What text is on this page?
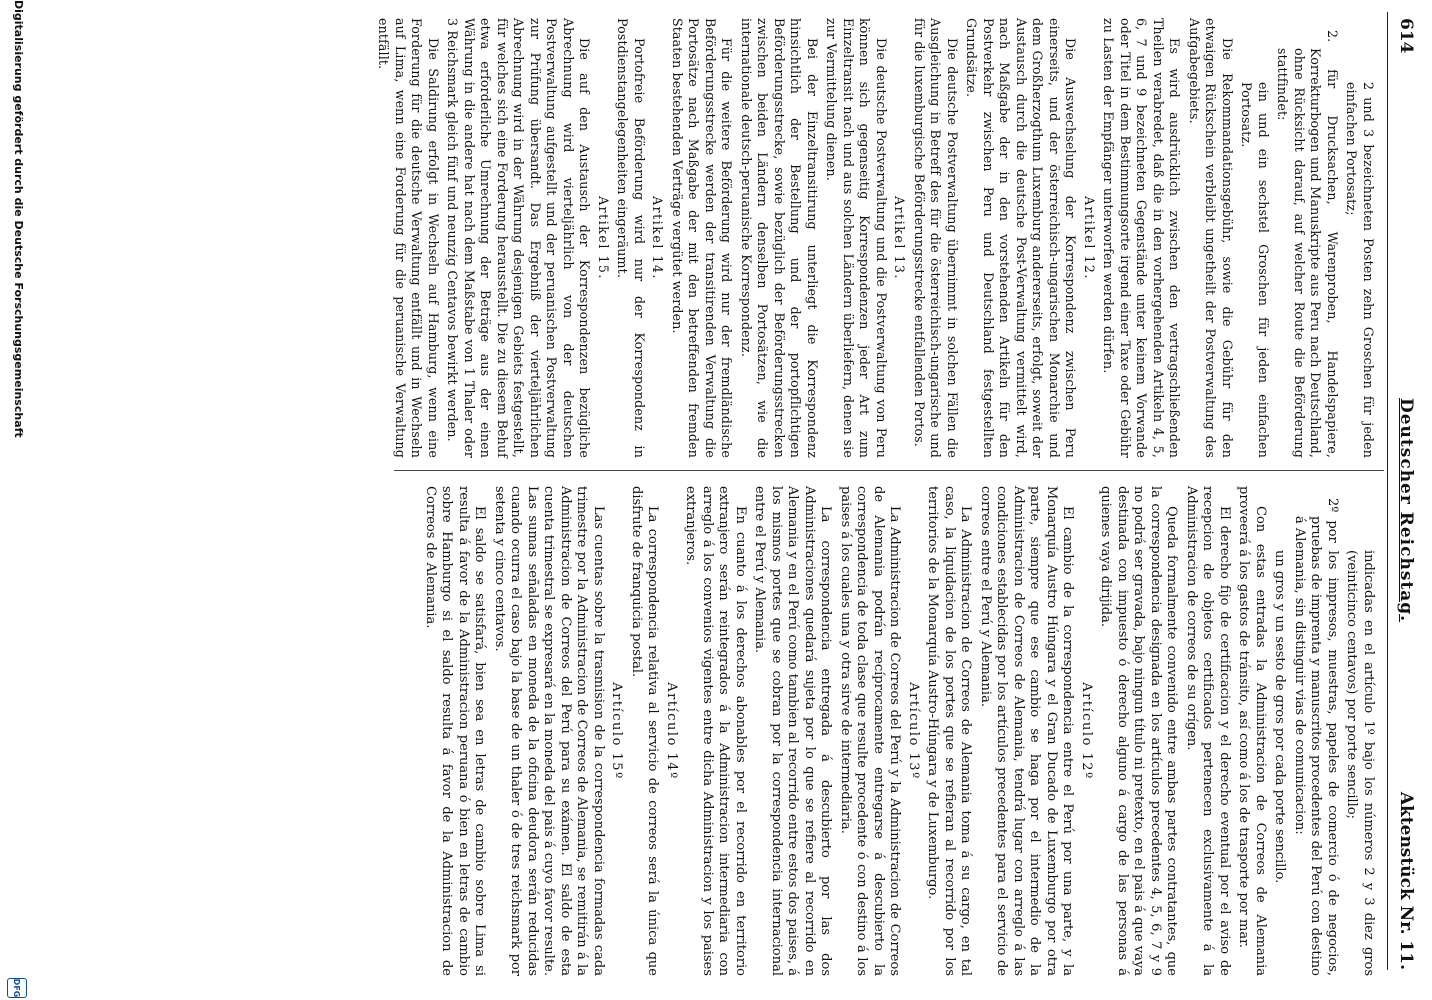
614
Deutscher Reichstag.
Aktenstück Nr. 11.

2 und 3 bezeichneten Posten zehn Groschen für jeden einfachen Portosatz;

2. für Drucksachen, Warenproben, Handelspapiere, Korrekturbogen und Manuskripte aus Peru nach Deutschland, ohne Rücksicht darauf, auf welcher Route die Beförderung stattfindet:

ein und ein sechstel Groschen für jeden einfachen Portosatz.

Die Rekommandationsgebühr, sowie die Gebühr für den etwaigen Rückschein verbleibt ungetheilt der Postverwaltung des Aufgabegebiets.

Es wird ausdrücklich zwischen den vertragschließenden Theilen verabredet, daß die in den vorhergehenden Artikeln 4, 5, 6, 7 und 9 bezeichneten Gegenstände unter keinem Vorwande oder Titel in dem Bestimmungsorte irgend einer Taxe oder Gebühr zu Lasten der Empfänger unterworfen werden dürfen.

Artikel 12.

Die Auswechselung der Korrespondenz zwischen Peru einerseits, und der österreichisch-ungarischen Monarchie und dem Großherzogthum Luxemburg andererseits, erfolgt, soweit der Austausch durch die deutsche Post-Verwaltung vermittelt wird, nach Maßgabe der in den vorstehenden Artikeln für den Postverkehr zwischen Peru und Deutschland festgestellten Grundsätze.

Die deutsche Postverwaltung übernimmt in solchen Fällen die Ausgleichung in Betreff des für die österreichisch-ungarische und für die luxemburgische Beförderungsstrecke entfallenden Portos.

Artikel 13.

Die deutsche Postverwaltung und die Postverwaltung von Peru können sich gegenseitig Korrespondenzen jeder Art zum Einzeltransit nach und aus solchen Ländern überliefern, denen sie zur Vermittelung dienen.

Bei der Einzeltransitirung unterliegt die Korrespondenz hinsichtlich der Bestellung und der portopflichtigen Beförderungsstrecke, sowie bezüglich der Beförderungsstrecken zwischen beiden Ländern denselben Portosätzen, wie die internationale deutsch-peruanische Korrespondenz.

Für die weitere Beförderung wird nur der fremdländische Beförderungsstrecke werden der transitirenden Verwaltung die Portosätze nach Maßgabe der mit den betreffenden fremden Staaten bestehenden Verträge vergütet werden.

Artikel 14.

Portofreie Beförderung wird nur der Korrespondenz in Postdienstangelegenheiten eingeräumt.

Artikel 15.

Die auf den Austausch der Korrespondenzen bezügliche Abrechnung wird vierteljährlich von der deutschen Postverwaltung aufgestellt und der peruanischen Postverwaltung zur Prüfung übersandt. Das Ergebniß der vierteljährlichen Abrechnung wird in der Währung desjenigen Gebiets festgestellt, für welches sich eine Forderung herausstellt. Die zu diesem Behuf etwa erforderliche Umrechnung der Beträge aus der einen Währung in die andere hat nach dem Maßstabe von 1 Thaler oder 3 Reichsmark gleich fünf und neunzig Centavos bewirkt werden.

Die Saldirung erfolgt in Wechseln auf Hamburg, wenn eine Forderung für die deutsche Verwaltung entfällt und in Wechseln auf Lima, wenn eine Forderung für die peruanische Verwaltung entfällt.

indicadas en el artículo 1º bajo los números 2 y 3 diez gros (veinticinco centavos) por porte sencillo;

2º por los impresos, muestras, papeles de comercio ó de negocios, pruebas de imprenta y manuscritos procedentes del Perú con destino á Alemania, sin distinguir vias de comunicacion:

un gros y un sesto de gros por cada porte sencillo.

Con estas entradas la Administracion de Correos de Alemania proveerá á los gastos de tránsito, así como á los de trasporte por mar.

El derecho fijo de certificacion y el derecho eventual por el aviso de recepcion de objetos certificados pertenecen exclusivamente á la Administracion de correos de su orígen.

Queda formalmente convenido entre ambas partes contratantes, que la correspondencia designada en los artículos precedentes 4, 5, 6, 7 y 9 no podrá ser gravada, bajo ningun título ni pretexto, en el pais á que vaya destinada con impuesto ó derecho alguno á cargo de las personas á quienes vaya dirijida.

Artículo 12º

El cambio de la correspondencia entre el Perú por una parte, y la Monarquía Austro Húngara y el Gran Ducado de Luxemburgo por otra parte, siempre que ese cambio se haga por el intermedio de la Administracion de Correos de Alemania, tendrá lugar con arreglo á las condiciones establecidas por los artículos precedentes para el servicio de correos entre el Perú y Alemania.

La Administracion de Correos de Alemania toma á su cargo, en tal caso, la liquidacion de los portes que se refieran al recorrido por los territorios de la Monarquía Austro-Húngara y de Luxemburgo.

Artículo 13º

La Administracion de Correos del Perú y la Administracion de Correos de Alemania podrán recíprocamente entregarse á descubierto la correspondencia de toda clase que resulte procedente ó con destino á los paises á los cuales una y otra sirve de intermediaria.

La correspondencia entregada á descubierto por las dos Administraciones quedará sujeta por lo que se refiere al recorrido en Alemania y en el Perú como tambien al recorrido entre estos dos paises, á los mismos portes que se cobran por la correspondencia internacional entre el Perú y Alemania.

En cuanto á los derechos abonables por el recorrido en territorio extranjero serán reintegrados á la Administracion intermediaria con arreglo á los convenios vigentes entre dicha Administracion y los paises extranjeros.

Artículo 14º

La correspondencia relativa al servicio de correos será la única que disfrute de franquicia postal.

Artículo 15º

Las cuentas sobre la trasmision de la correspondencia formadas cada trimestre por la Administracion de Correos de Alemania, se remitirán á la Administracion de Correos del Perú para su exámen. El saldo de esta cuenta trimestral se expresará en la moneda del pais á cuyo favor resulte. Las sumas señaladas en moneda de la oficina deudora serán reducidas cuando ocurra el caso bajo la base de un thaler ó de tres reichsmark por setenta y cinco centavos.

El saldo se satisfará, bien sea en letras de cambio sobre Lima si resulta á favor de la Administracion peruana ó bien en letras de cambio sobre Hamburgo si el saldo resulta á favor de la Administracion de Correos de Alemania.

Digitalisierung gefördert durch die Deutsche Forschungsgemeinschaft
DFG
